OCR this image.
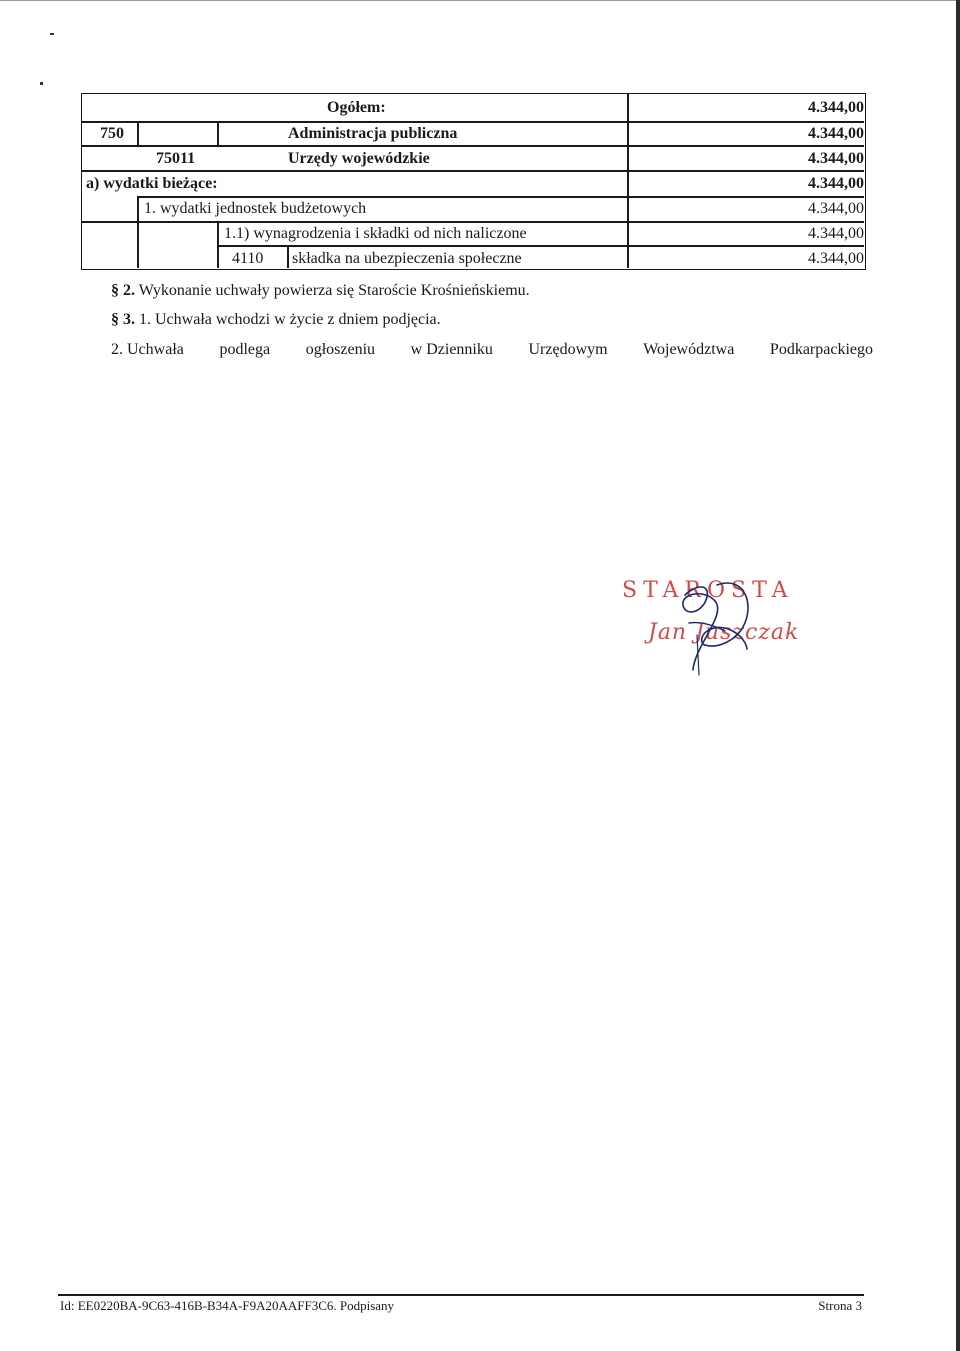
Ogółem:	4.344,00
750	Administracja publiczna	4.344,00
75011	Urzędy wojewódzkie	4.344,00
a) wydatki bieżące:	4.344,00
1. wydatki jednostek budżetowych	4.344,00
1.1) wynagrodzenia i składki od nich naliczone	4.344,00
4110 składka na ubezpieczenia społeczne	4.344,00
§ 2. Wykonanie uchwały powierza się Staroście Krośnieńskiemu.
§ 3. 1. Uchwała wchodzi w życie z dniem podjęcia.
2. Uchwała podlega ogłoszeniu w Dzienniku Urzędowym Województwa Podkarpackiego
STAROSTA
Jan Juszczak
Id: EE0220BA-9C63-416B-B34A-F9A20AAFF3C6. Podpisany	Strona 3
